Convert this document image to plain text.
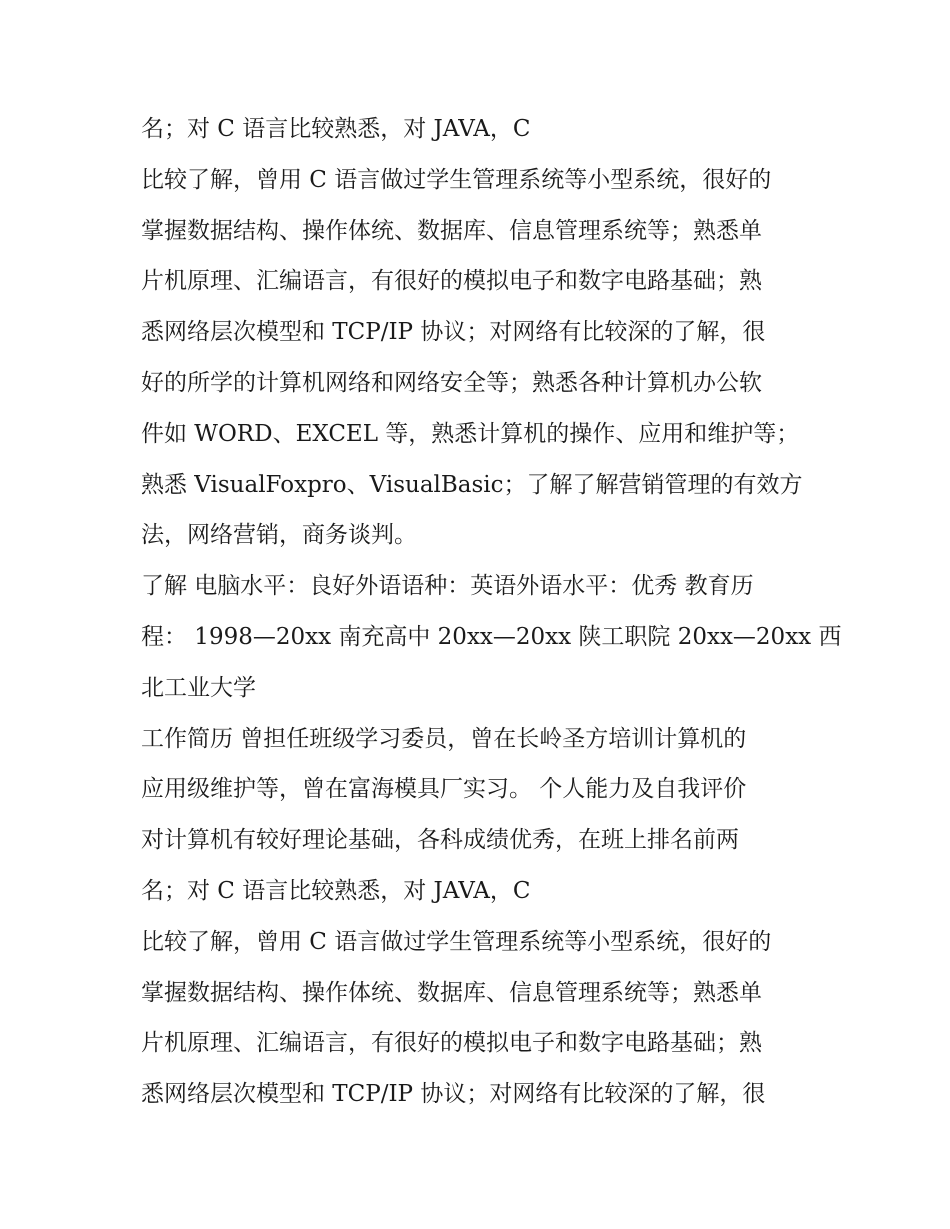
名；对 C 语言比较熟悉，对 JAVA，C
比较了解，曾用 C 语言做过学生管理系统等小型系统，很好的
掌握数据结构、操作体统、数据库、信息管理系统等；熟悉单
片机原理、汇编语言，有很好的模拟电子和数字电路基础；熟
悉网络层次模型和 TCP/IP 协议；对网络有比较深的了解，很
好的所学的计算机网络和网络安全等；熟悉各种计算机办公软
件如 WORD、EXCEL 等，熟悉计算机的操作、应用和维护等；
熟悉 VisualFoxpro、VisualBasic；了解了解营销管理的有效方
法，网络营销，商务谈判。
了解 电脑水平：良好外语语种：英语外语水平：优秀 教育历
程： 1998—20xx 南充高中 20xx—20xx 陕工职院 20xx—20xx 西
北工业大学
工作简历 曾担任班级学习委员，曾在长岭圣方培训计算机的
应用级维护等，曾在富海模具厂实习。 个人能力及自我评价
对计算机有较好理论基础，各科成绩优秀，在班上排名前两
名；对 C 语言比较熟悉，对 JAVA，C
比较了解，曾用 C 语言做过学生管理系统等小型系统，很好的
掌握数据结构、操作体统、数据库、信息管理系统等；熟悉单
片机原理、汇编语言，有很好的模拟电子和数字电路基础；熟
悉网络层次模型和 TCP/IP 协议；对网络有比较深的了解，很
